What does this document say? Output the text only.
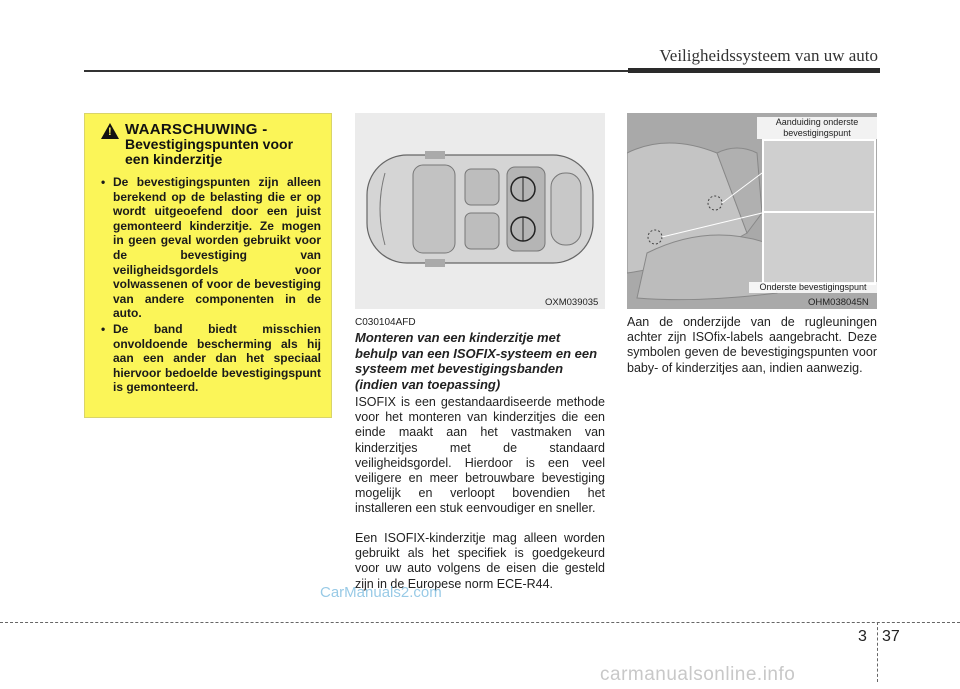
Veiligheidssysteem van uw auto
! WAARSCHUWING -
Bevestigingspunten voor
een kinderzitje
• De bevestigingspunten zijn alleen berekend op de belasting die er op wordt uitgeoefend door een juist gemonteerd kinderzitje. Ze mogen in geen geval worden gebruikt voor de bevestiging van veiligheidsgordels voor volwassenen of voor de bevestiging van andere componenten in de auto.
• De band biedt misschien onvoldoende bescherming als hij aan een ander dan het speciaal hiervoor bedoelde bevestigingspunt is gemonteerd.
OXM039035
Aanduiding onderste bevestigingspunt
Onderste bevestigingspunt
OHM038045N
C030104AFD
Monteren van een kinderzitje met behulp van een ISOFIX-systeem en een systeem met bevestigingsbanden (indien van toepassing)
ISOFIX is een gestandaardiseerde methode voor het monteren van kinderzitjes die een einde maakt aan het vastmaken van kinderzitjes met de standaard veiligheidsgordel. Hierdoor is een veel veiligere en meer betrouwbare bevestiging mogelijk en verloopt bovendien het installeren een stuk eenvoudiger en sneller.
Een ISOFIX-kinderzitje mag alleen worden gebruikt als het specifiek is goedgekeurd voor uw auto volgens de eisen die gesteld zijn in de Europese norm ECE-R44.
Aan de onderzijde van de rugleuningen achter zijn ISOfix-labels aangebracht. Deze symbolen geven de bevestigingspunten voor baby- of kinderzitjes aan, indien aanwezig.
CarManuals2.com
3 37
carmanualsonline.info
